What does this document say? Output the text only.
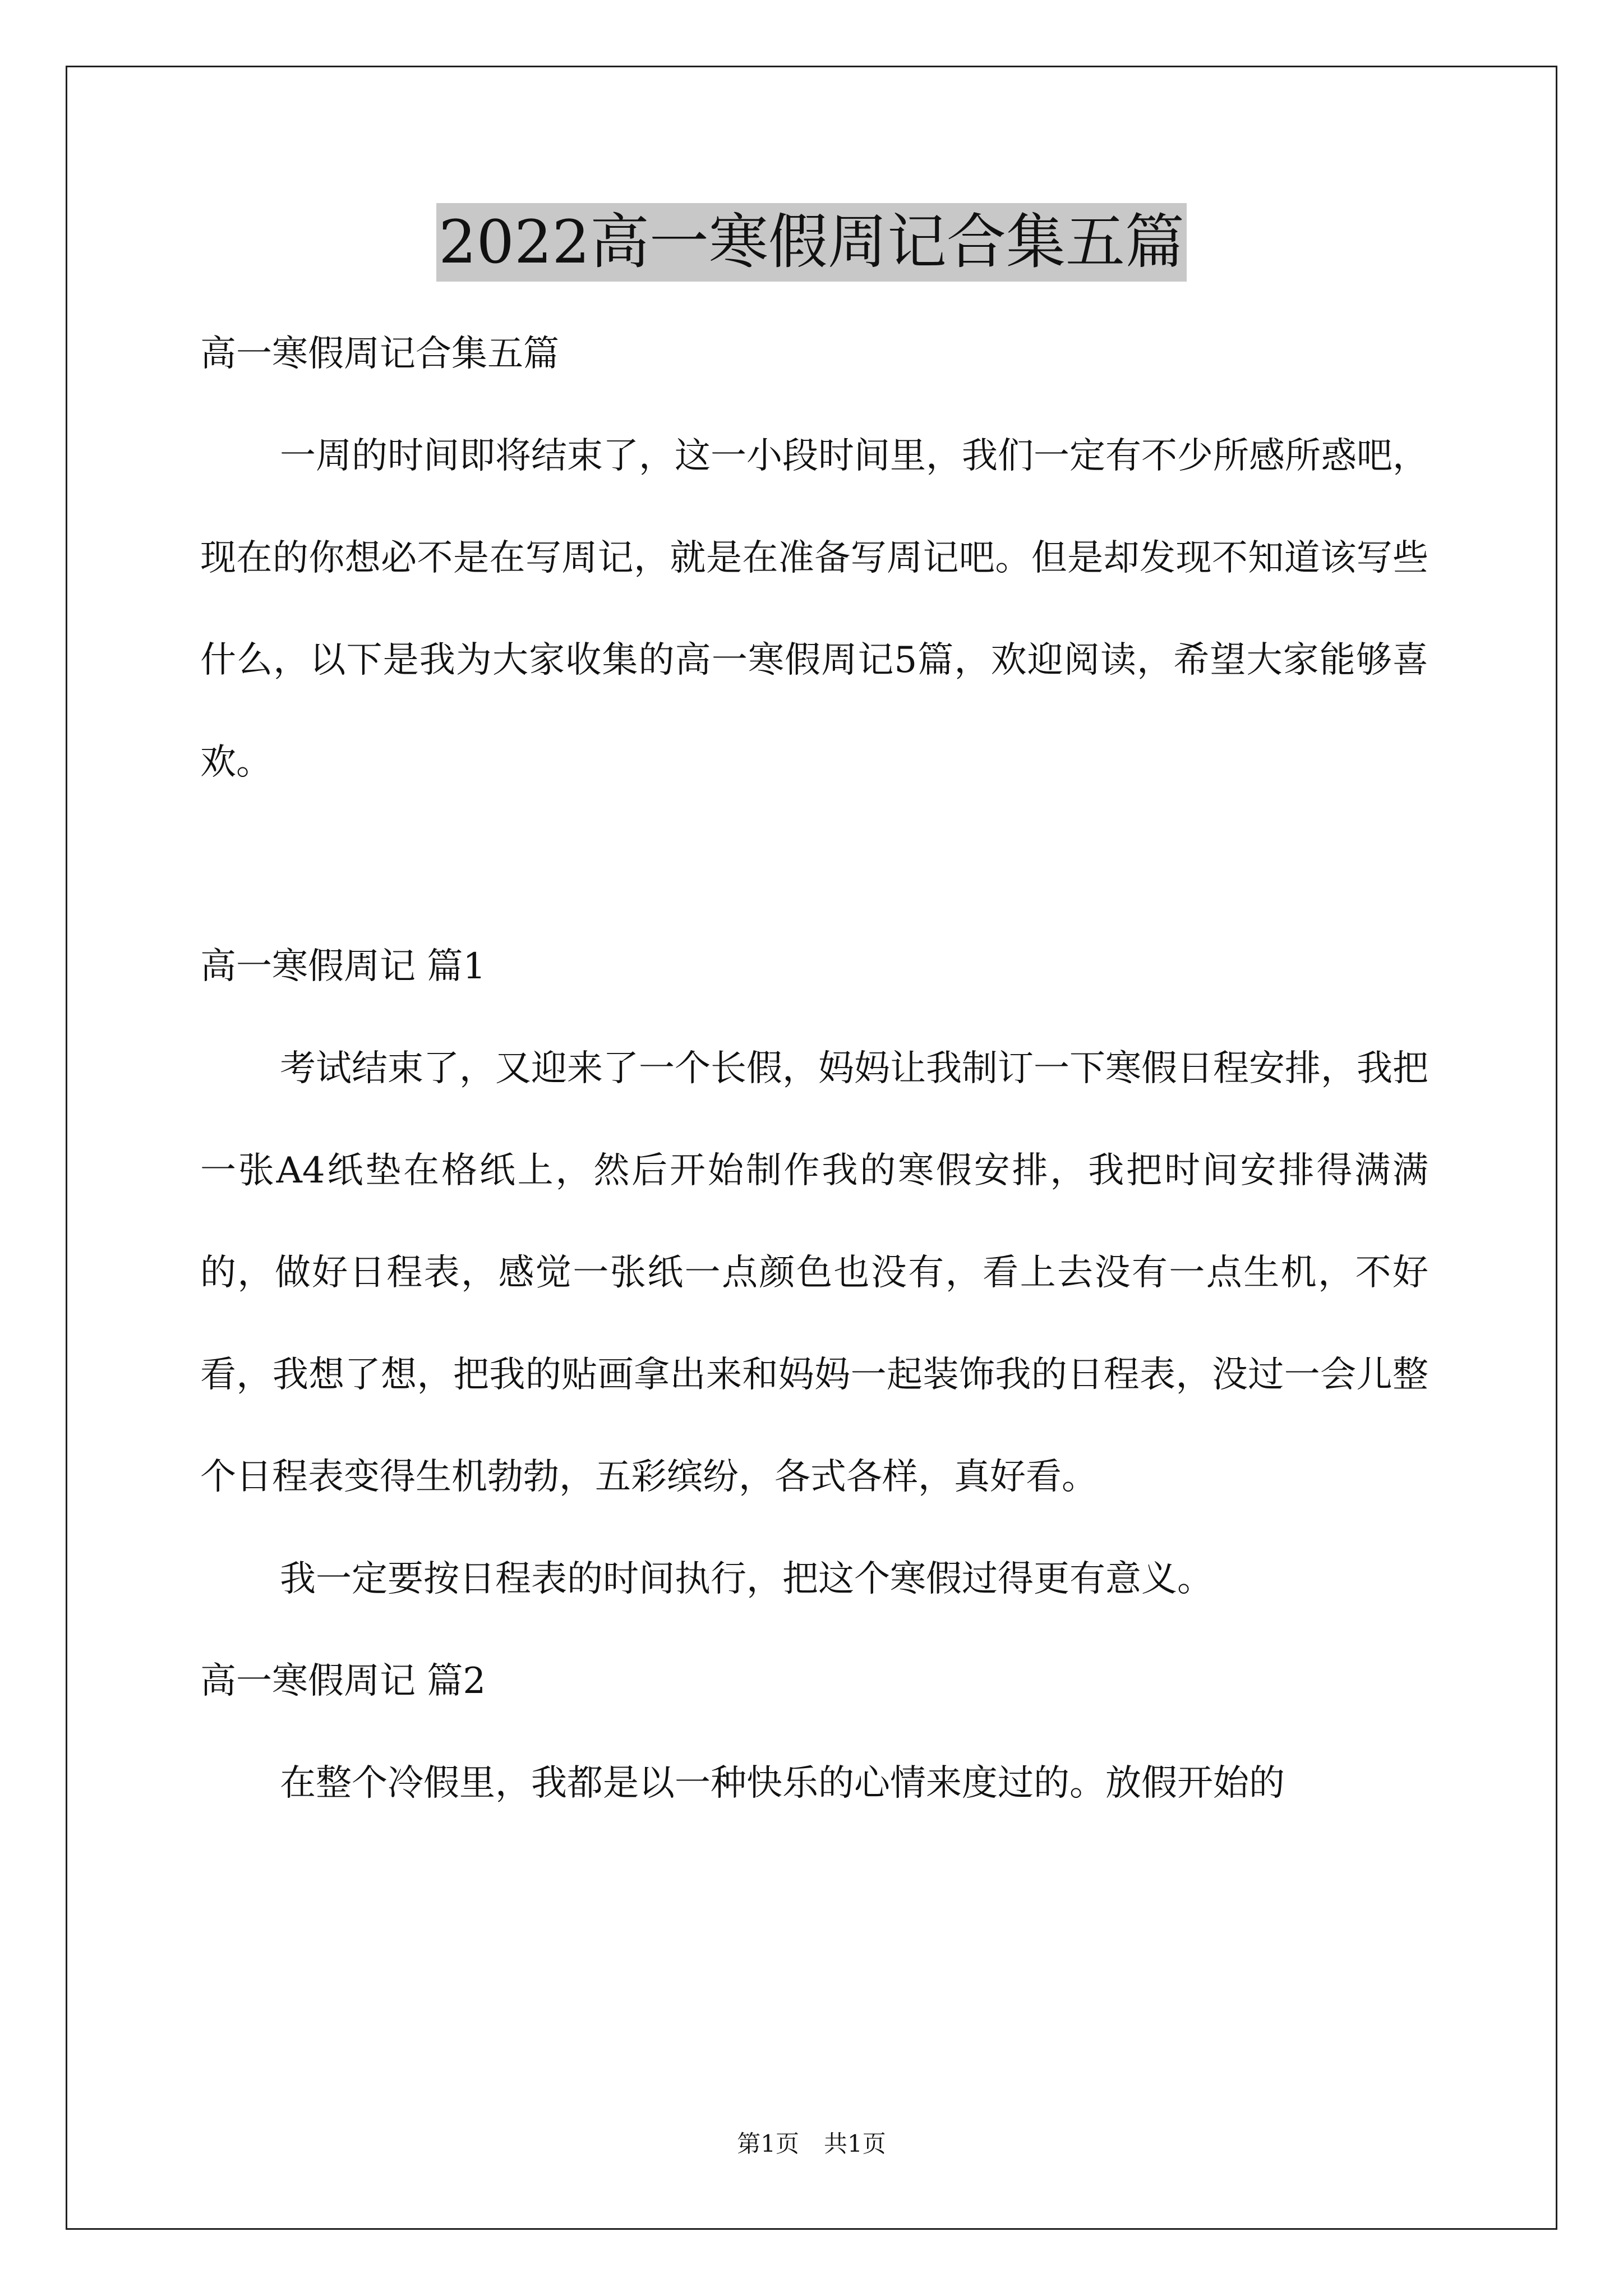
2022高一寒假周记合集五篇

高一寒假周记合集五篇

一周的时间即将结束了，这一小段时间里，我们一定有不少所感所惑吧，现在的你想必不是在写周记，就是在准备写周记吧。但是却发现不知道该写些什么，以下是我为大家收集的高一寒假周记5篇，欢迎阅读，希望大家能够喜欢。

高一寒假周记 篇1

考试结束了，又迎来了一个长假，妈妈让我制订一下寒假日程安排，我把一张A4纸垫在格纸上，然后开始制作我的寒假安排，我把时间安排得满满的，做好日程表，感觉一张纸一点颜色也没有，看上去没有一点生机，不好看，我想了想，把我的贴画拿出来和妈妈一起装饰我的日程表，没过一会儿整个日程表变得生机勃勃，五彩缤纷，各式各样，真好看。

我一定要按日程表的时间执行，把这个寒假过得更有意义。

高一寒假周记 篇2

在整个冷假里，我都是以一种快乐的心情来度过的。放假开始的

第1页 共1页
